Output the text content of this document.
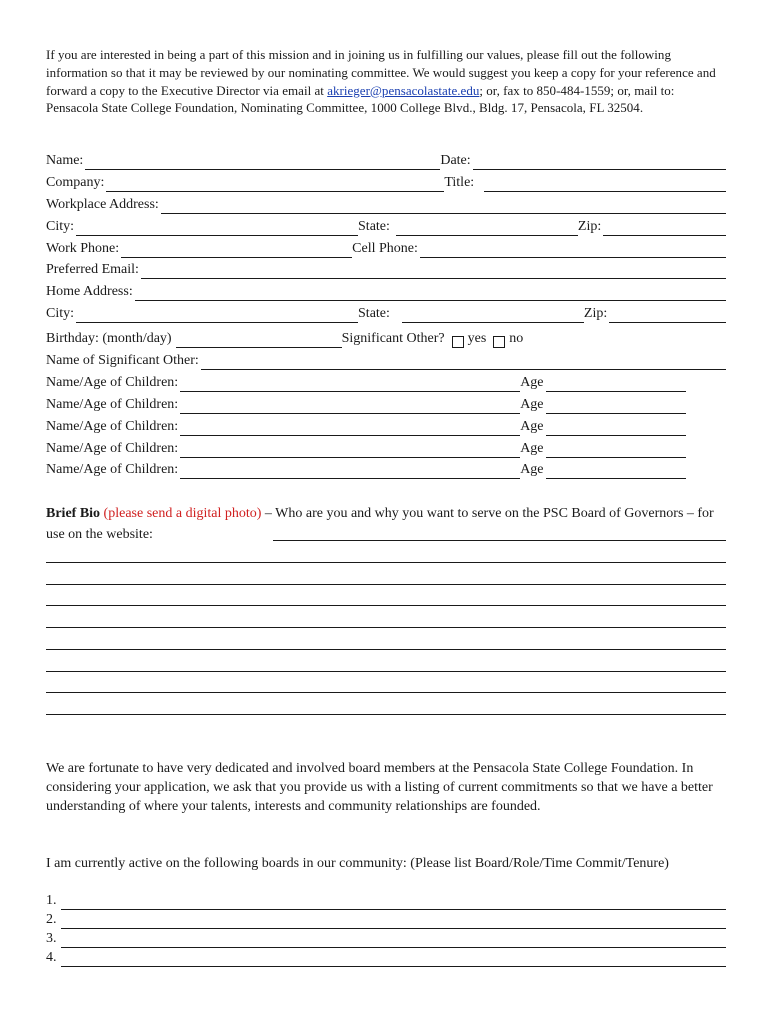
If you are interested in being a part of this mission and in joining us in fulfilling our values, please fill out the following information so that it may be reviewed by our nominating committee. We would suggest you keep a copy for your reference and forward a copy to the Executive Director via email at akrieger@pensacolastate.edu; or, fax to 850-484-1559; or, mail to: Pensacola State College Foundation, Nominating Committee, 1000 College Blvd., Bldg. 17, Pensacola, FL 32504.
Name:	Date:
Company:	Title:
Workplace Address:
City:	State:	Zip:
Work Phone:	Cell Phone:
Preferred Email:
Home Address:
City:	State:	Zip:
Birthday: (month/day)	Significant Other? yes no
Name of Significant Other:
Name/Age of Children:	Age
Name/Age of Children:	Age
Name/Age of Children:	Age
Name/Age of Children:	Age
Name/Age of Children:	Age
Brief Bio (please send a digital photo) – Who are you and why you want to serve on the PSC Board of Governors – for use on the website:
We are fortunate to have very dedicated and involved board members at the Pensacola State College Foundation. In considering your application, we ask that you provide us with a listing of current commitments so that we have a better understanding of where your talents, interests and community relationships are founded.
I am currently active on the following boards in our community: (Please list Board/Role/Time Commit/Tenure)
1.
2.
3.
4.
